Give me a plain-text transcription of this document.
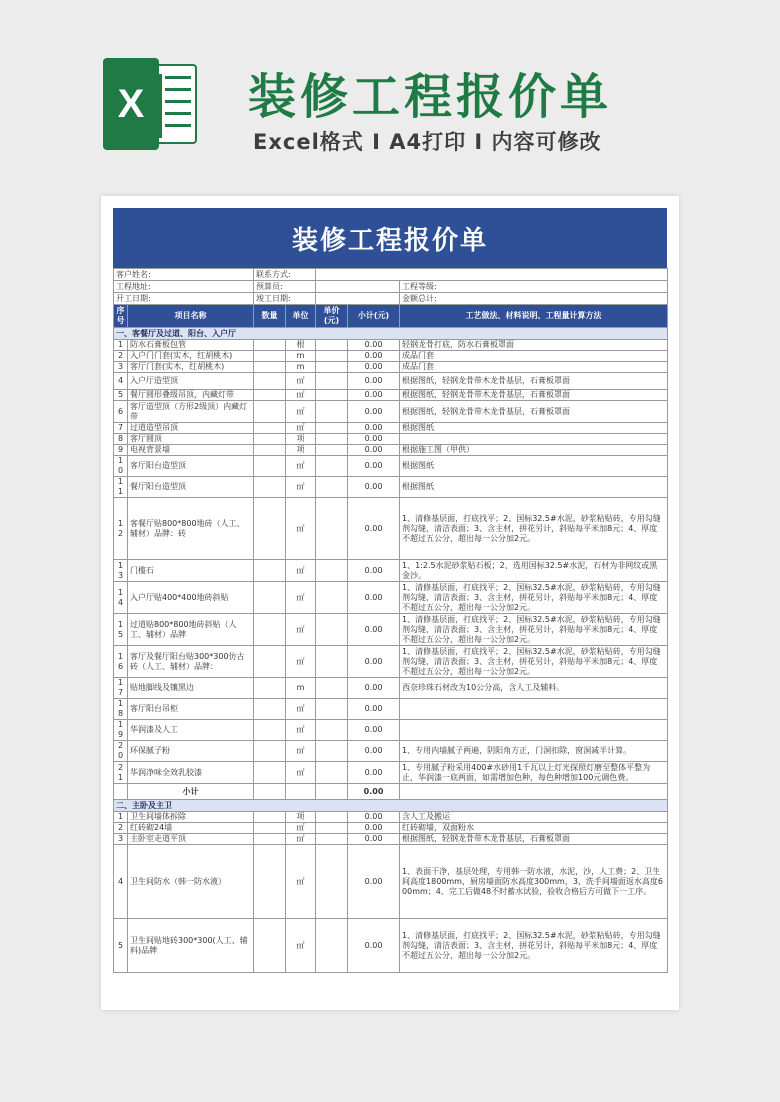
X	装修工程报价单
Excel格式 Ⅰ A4打印 Ⅰ 内容可修改
装修工程报价单
客户姓名:		联系方式:				
工程地址:		预算员:				工程等级:
开工日期:		竣工日期:				金额总计:
序号	项目名称	数量	单位	单价(元)	小计(元)	工艺做法、材料说明、工程量计算方法
一、客餐厅及过道、阳台、入户厅						
1	防水石膏板包管		根		0.00	轻钢龙骨打底，防水石膏板罩面
2	入户门门套(实木，红胡桃木)		m		0.00	成品门套
3	客厅门套(实木，红胡桃木)		m		0.00	成品门套
4	入户厅造型顶		㎡		0.00	根据图纸，轻钢龙骨带木龙骨基层，石膏板罩面
5	餐厅圆形叠级吊顶，内藏灯带		㎡		0.00	根据图纸，轻钢龙骨带木龙骨基层，石膏板罩面
6	客厅造型顶（方形2级顶）内藏灯带		㎡		0.00	根据图纸，轻钢龙骨带木龙骨基层，石膏板罩面
7	过道造型吊顶		㎡		0.00	根据图纸
8	客厅圆顶		项		0.00	
9	电视背景墙		项		0.00	根据施工图（甲供）
10	客厅阳台造型顶		㎡		0.00	根据图纸
11	餐厅阳台造型顶		㎡		0.00	根据图纸
12	客餐厅贴800*800地砖（人工、辅材）品牌：砖		㎡		0.00	1、清修基层面，打底找平；2、国标32.5#水泥，砂浆粘贴砖，专用勾缝剂勾缝，清洁表面；3、含主材，拼花另计，斜贴每平米加8元；4、厚度不超过五公分，超出每一公分加2元。
13	门槛石		㎡		0.00	1、1:2.5水泥砂浆贴石板；2、选用国标32.5#水泥，石材为非网纹或黑金沙。
14	入户厅贴400*400地砖斜贴		㎡		0.00	1、清修基层面，打底找平；2、国标32.5#水泥，砂浆粘贴砖，专用勾缝剂勾缝，清洁表面；3、含主材，拼花另计，斜贴每平米加8元；4、厚度不超过五公分，超出每一公分加2元。
15	过道贴800*800地砖斜贴（人工、辅材）品牌		㎡		0.00	1、清修基层面，打底找平；2、国标32.5#水泥，砂浆粘贴砖，专用勾缝剂勾缝，清洁表面；3、含主材，拼花另计，斜贴每平米加8元；4、厚度不超过五公分，超出每一公分加2元。
16	客厅及餐厅阳台贴300*300仿古砖（人工、辅材）品牌：		㎡		0.00	1、清修基层面，打底找平；2、国标32.5#水泥，砂浆粘贴砖，专用勾缝剂勾缝，清洁表面；3、含主材，拼花另计，斜贴每平米加8元；4、厚度不超过五公分，超出每一公分加2元。
17	贴地脚线及镶黑边		m		0.00	西奈珍珠石材改为10公分高，含人工及辅料。
18	客厅阳台吊柜		㎡		0.00	
19	华润漆及人工		㎡		0.00	
20	环保腻子粉		㎡		0.00	1、专用内墙腻子两遍，阴阳角方正，门洞扣除，窗洞减半计算。
21	华润净味全效乳胶漆		㎡		0.00	1、专用腻子粉采用400#水砂用1千瓦以上灯光探照灯磨至整体平整为止，华润漆一底两面，如需增加色种，每色种增加100元调色费。
	小计				0.00	
二、主卧及主卫						
1	卫生间墙体拆除		项		0.00	含人工及搬运
2	红砖砌24墙		㎡		0.00	红砖砌墙，双面粉水
3	主卧室走道平顶		㎡		0.00	根据图纸，轻钢龙骨带木龙骨基层，石膏板罩面
4	卫生间防水（韩一防水液）		㎡		0.00	1、表面干净，基层处理，专用韩一防水液，水泥，沙，人工费；2、卫生间高度1800mm，厨房墙面防水高度300mm，3、洗手间墙面返水高度600mm；4、完工后做48不时蓄水试验，验收合格后方可做下一工序。
5	卫生间贴地砖300*300(人工、辅料)品牌		㎡		0.00	1、清修基层面，打底找平；2、国标32.5#水泥，砂浆粘贴砖，专用勾缝剂勾缝，清洁表面；3、含主材，拼花另计，斜贴每平米加8元；4、厚度不超过五公分，超出每一公分加2元。
